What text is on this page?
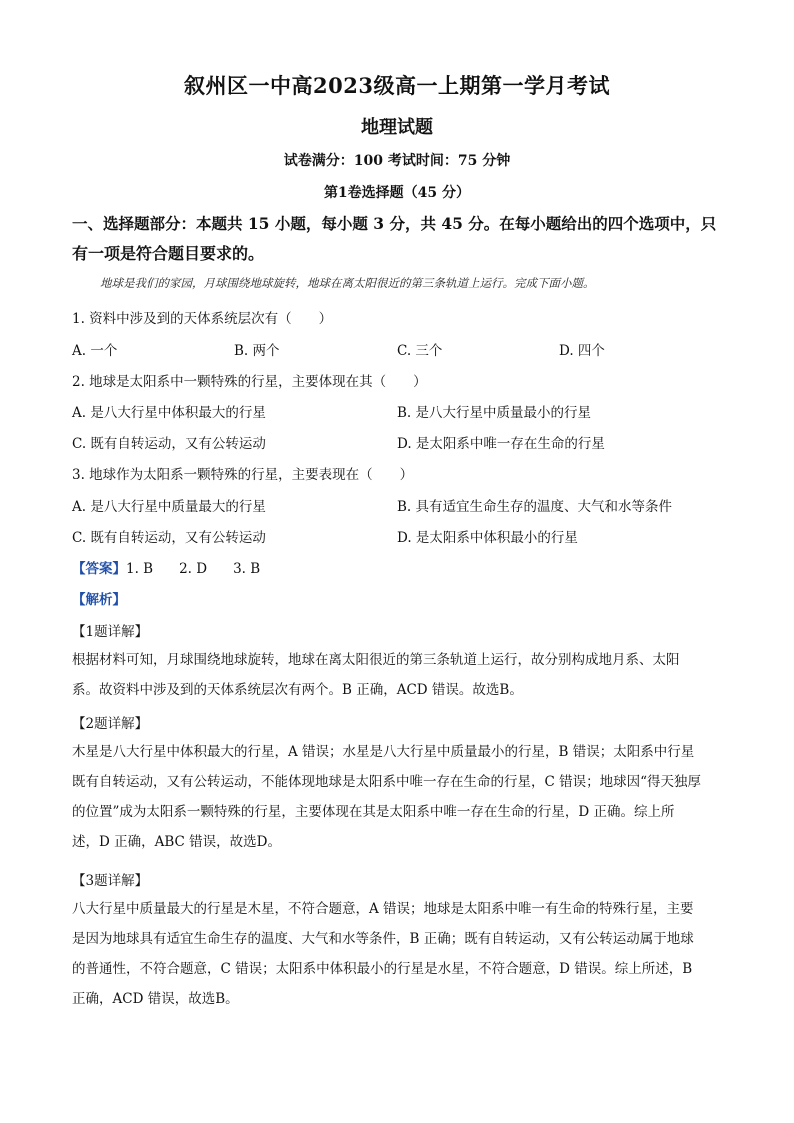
叙州区一中高2023级高一上期第一学月考试
地理试题
试卷满分：100 考试时间：75 分钟
第1卷选择题（45 分）
一、选择题部分：本题共 15 小题，每小题 3 分，共 45 分。在每小题给出的四个选项中，只
有一项是符合题目要求的。
地球是我们的家园，月球围绕地球旋转，地球在离太阳很近的第三条轨道上运行。完成下面小题。
1. 资料中涉及到的天体系统层次有（　　）
A. 一个	B. 两个	C. 三个	D. 四个
2. 地球是太阳系中一颗特殊的行星，主要体现在其（　　）
A. 是八大行星中体积最大的行星	B. 是八大行星中质量最小的行星
C. 既有自转运动，又有公转运动	D. 是太阳系中唯一存在生命的行星
3. 地球作为太阳系一颗特殊的行星，主要表现在（　　）
A. 是八大行星中质量最大的行星	B. 具有适宜生命生存的温度、大气和水等条件
C. 既有自转运动，又有公转运动	D. 是太阳系中体积最小的行星
【答案】1. B 2. D 3. B
【解析】
【1题详解】
根据材料可知，月球围绕地球旋转，地球在离太阳很近的第三条轨道上运行，故分别构成地月系、太阳
系。故资料中涉及到的天体系统层次有两个。B 正确，ACD 错误。故选B。
【2题详解】
木星是八大行星中体积最大的行星，A 错误；水星是八大行星中质量最小的行星，B 错误；太阳系中行星
既有自转运动，又有公转运动，不能体现地球是太阳系中唯一存在生命的行星，C 错误；地球因“得天独厚
的位置”成为太阳系一颗特殊的行星，主要体现在其是太阳系中唯一存在生命的行星，D 正确。综上所
述，D 正确，ABC 错误，故选D。
【3题详解】
八大行星中质量最大的行星是木星，不符合题意，A 错误；地球是太阳系中唯一有生命的特殊行星，主要
是因为地球具有适宜生命生存的温度、大气和水等条件，B 正确；既有自转运动，又有公转运动属于地球
的普通性，不符合题意，C 错误；太阳系中体积最小的行星是水星，不符合题意，D 错误。综上所述，B
正确，ACD 错误，故选B。
